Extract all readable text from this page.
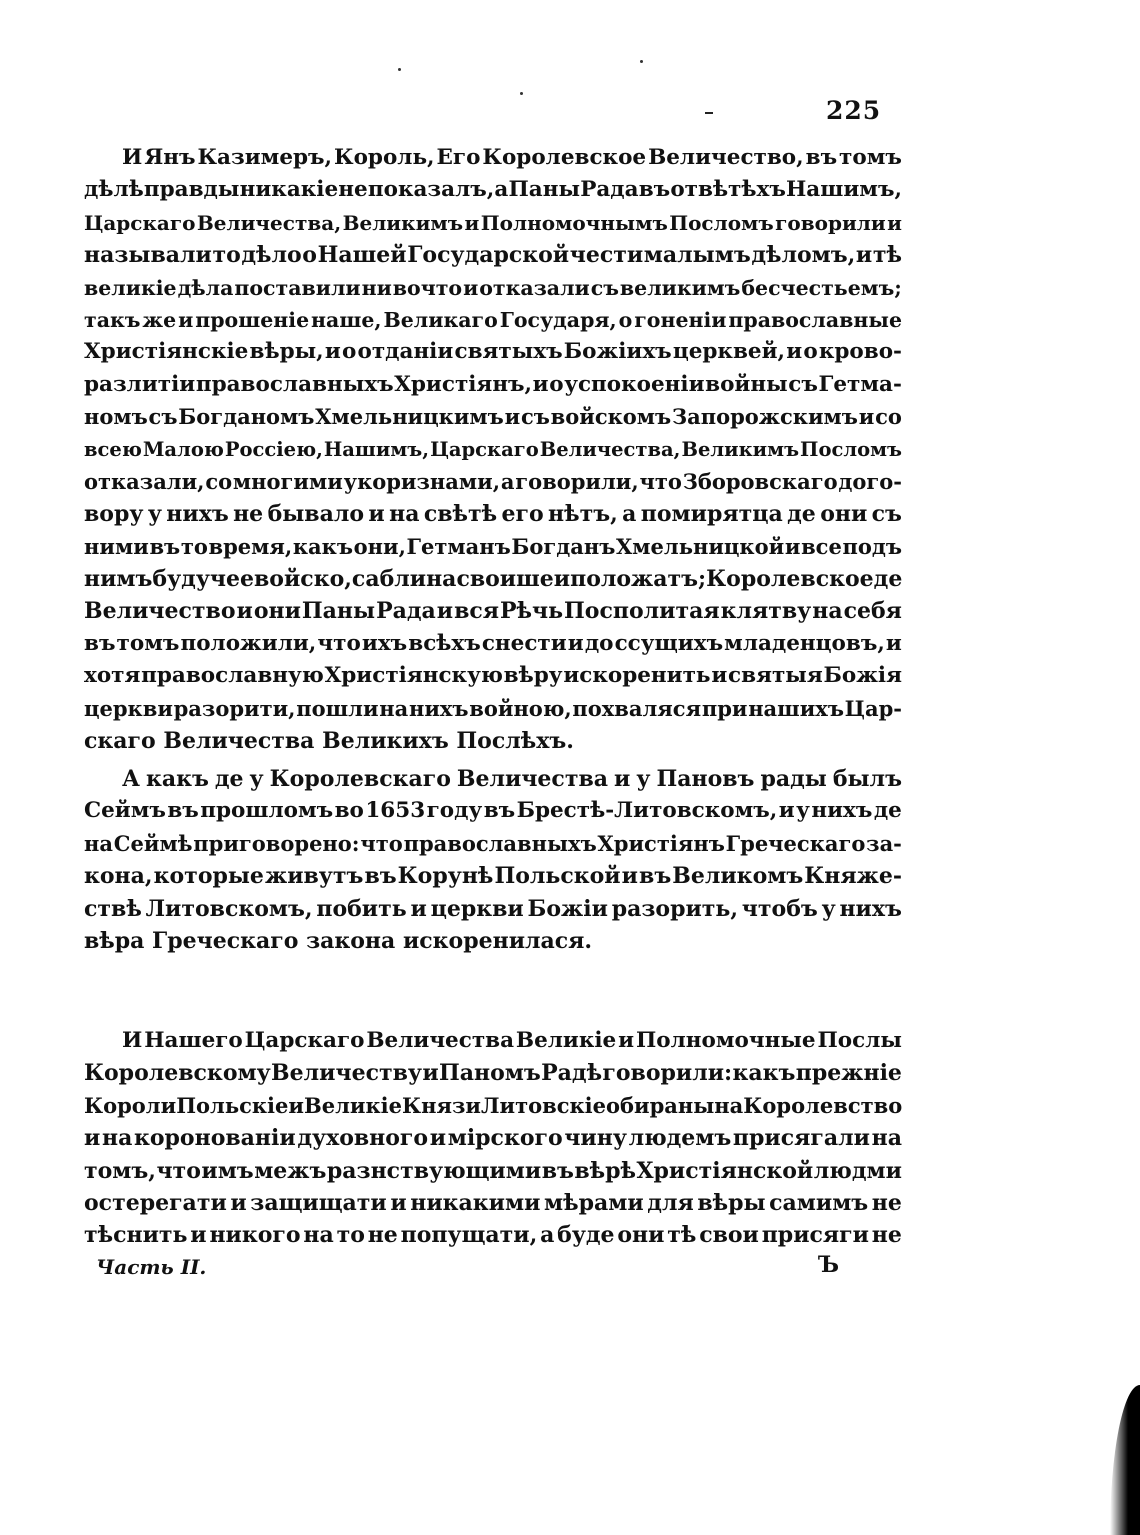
225
И Янъ Казимеръ, Король, Его Королевское Величество, въ томъ
дѣлѣ правды никакіе не показалъ, а Паны Рада въ отвѣтѣхъ Нашимъ,
Царскаго Величества, Великимъ и Полномочнымъ Посломъ говорили и
называли то дѣло о Нашей Государской чести малымъ дѣломъ, и тѣ
великіе дѣла поставили ни вочто и отказали съ великимъ бесчестьемъ;
такъ же и прошеніе наше, Великаго Государя, о гоненіи православные
Христіянскіе вѣры, и о отданіи святыхъ Божіихъ церквей, и о крово-
разлитіи православныхъ Христіянъ, и о успокоеніи войны съ Гетма-
номъ съ Богданомъ Хмельницкимъ и съ войскомъ Запорожскимъ и со
всею Малою Россіею, Нашимъ, Царскаго Величества, Великимъ Посломъ
отказали, со многими укоризнами, а говорили, что Зборовскаго дого-
вору у нихъ не бывало и на свѣтѣ его нѣтъ, а помирятца де они съ
ними въ то время, какъ они, Гетманъ Богданъ Хмельницкой и все подъ
нимъ будучее войско, сабли на свои шеи положатъ; Королевское де
Величество и они Паны Рада и вся Рѣчь Посполитая клятву на себя
въ томъ положили, что ихъ всѣхъ снести и до ссущихъ младенцовъ, и
хотя православную Христіянскую вѣру искоренить и святыя Божія
церкви разорити, пошли на нихъ войною, похваляся при нашихъ Цар-
скаго Величества Великихъ Послѣхъ.
А какъ де у Королевскаго Величества и у Пановъ рады былъ
Сеймъ въ прошломъ во 1653 году въ Брестѣ-Литовскомъ, и у нихъ де
на Сеймѣ приговорено: что православныхъ Христіянъ Греческаго за-
кона, которые живутъ въ Корунѣ Польской и въ Великомъ Княже-
ствѣ Литовскомъ, побить и церкви Божіи разорить, чтобъ у нихъ
вѣра Греческаго закона искоренилася.
И Нашего Царскаго Величества Великіе и Полномочные Послы
Королевскому Величеству и Паномъ Радѣ говорили: какъ прежніе
Короли Польскіе и Великіе Князи Литовскіе обираны на Королевство
и на коронованіи духовного и мірского чину людемъ присягали на
томъ, что имъ межъ разнствующими въ вѣрѣ Христіянской людми
остерегати и защищати и никакими мѣрами для вѣры самимъ не
тѣснить и никого на то не попущати, а буде они тѣ свои присяги не
Часть II.	Ъ
